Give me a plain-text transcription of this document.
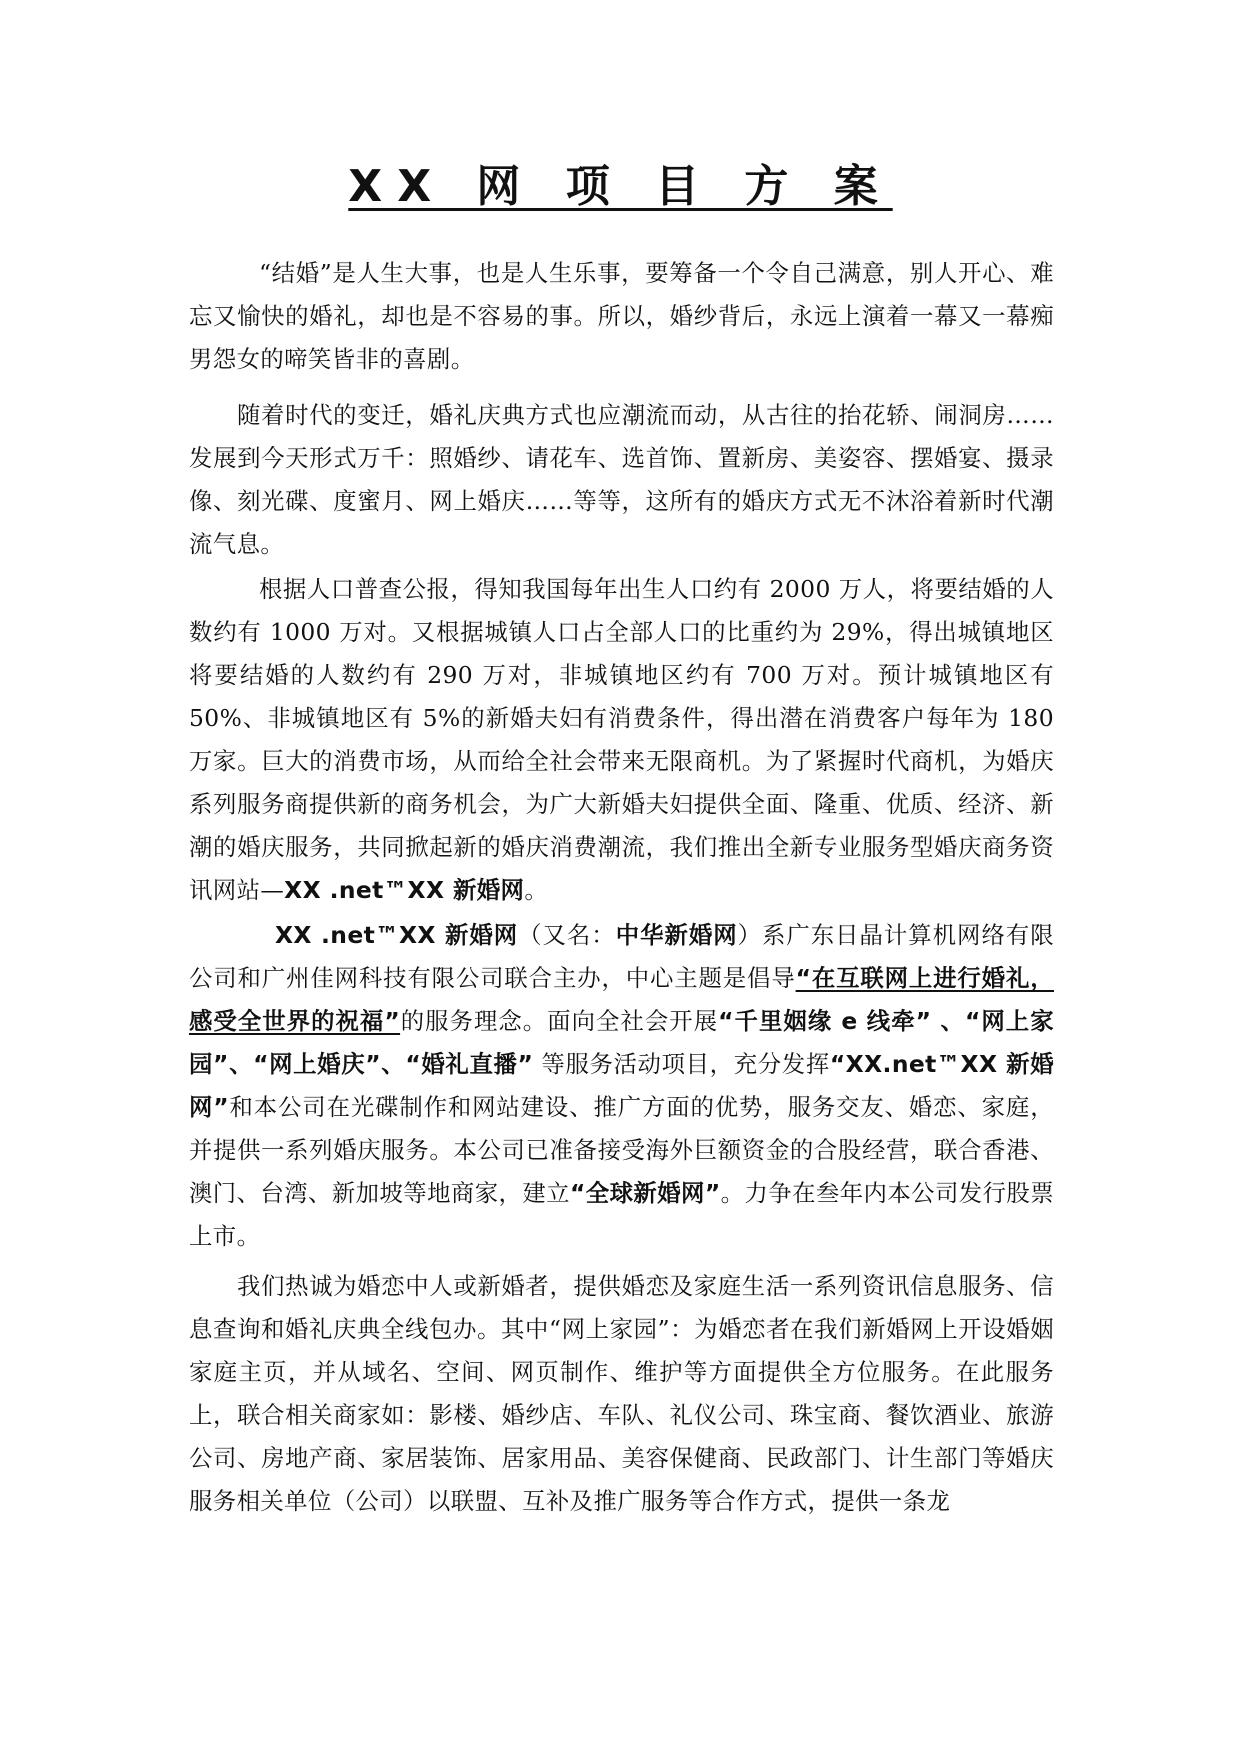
XX 网 项 目 方 案

“结婚”是人生大事，也是人生乐事，要筹备一个令自己满意，别人开心、难忘又愉快的婚礼，却也是不容易的事。所以，婚纱背后，永远上演着一幕又一幕痴男怨女的啼笑皆非的喜剧。

随着时代的变迁，婚礼庆典方式也应潮流而动，从古往的抬花轿、闹洞房……发展到今天形式万千：照婚纱、请花车、选首饰、置新房、美姿容、摆婚宴、摄录像、刻光碟、度蜜月、网上婚庆……等等，这所有的婚庆方式无不沐浴着新时代潮流气息。

根据人口普查公报，得知我国每年出生人口约有 2000 万人，将要结婚的人数约有 1000 万对。又根据城镇人口占全部人口的比重约为 29%，得出城镇地区将要结婚的人数约有 290 万对，非城镇地区约有 700 万对。预计城镇地区有 50%、非城镇地区有 5%的新婚夫妇有消费条件，得出潜在消费客户每年为 180 万家。巨大的消费市场，从而给全社会带来无限商机。为了紧握时代商机，为婚庆系列服务商提供新的商务机会，为广大新婚夫妇提供全面、隆重、优质、经济、新潮的婚庆服务，共同掀起新的婚庆消费潮流，我们推出全新专业服务型婚庆商务资讯网站—XX .net™XX 新婚网。

XX .net™XX 新婚网（又名：中华新婚网）系广东日晶计算机网络有限公司和广州佳网科技有限公司联合主办，中心主题是倡导“在互联网上进行婚礼，感受全世界的祝福”的服务理念。面向全社会开展“千里姻缘 e 线牵” 、“网上家园”、“网上婚庆”、“婚礼直播” 等服务活动项目，充分发挥“XX.net™XX 新婚网”和本公司在光碟制作和网站建设、推广方面的优势，服务交友、婚恋、家庭，并提供一系列婚庆服务。本公司已准备接受海外巨额资金的合股经营，联合香港、澳门、台湾、新加坡等地商家，建立“全球新婚网”。力争在叁年内本公司发行股票上市。

我们热诚为婚恋中人或新婚者，提供婚恋及家庭生活一系列资讯信息服务、信息查询和婚礼庆典全线包办。其中“网上家园”：为婚恋者在我们新婚网上开设婚姻家庭主页，并从域名、空间、网页制作、维护等方面提供全方位服务。在此服务上，联合相关商家如：影楼、婚纱店、车队、礼仪公司、珠宝商、餐饮酒业、旅游公司、房地产商、家居装饰、居家用品、美容保健商、民政部门、计生部门等婚庆服务相关单位（公司）以联盟、互补及推广服务等合作方式，提供一条龙
